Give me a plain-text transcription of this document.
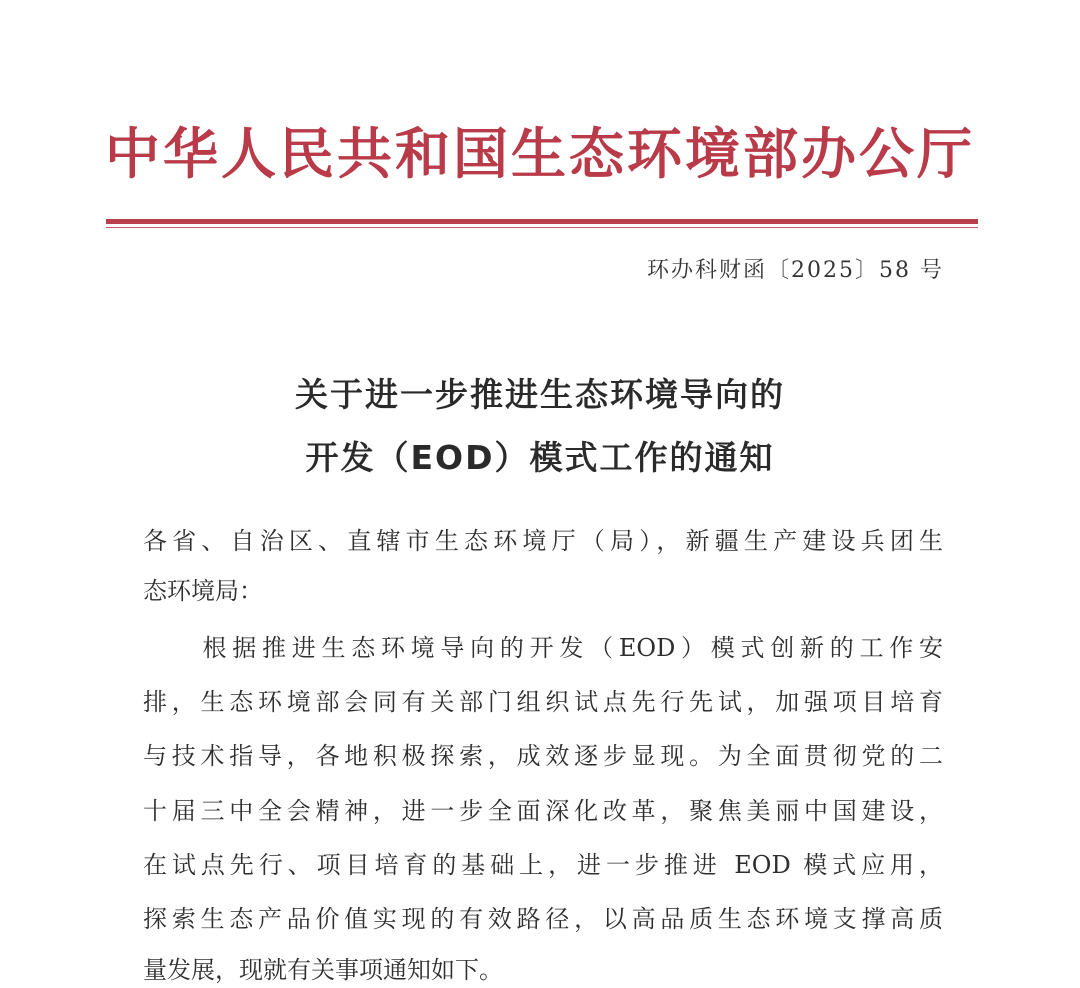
中华人民共和国生态环境部办公厅
环办科财函〔2025〕58 号
关于进一步推进生态环境导向的
开发（EOD）模式工作的通知
各省、自治区、直辖市生态环境厅（局），新疆生产建设兵团生
态环境局：
　　根据推进生态环境导向的开发（EOD）模式创新的工作安
排，生态环境部会同有关部门组织试点先行先试，加强项目培育
与技术指导，各地积极探索，成效逐步显现。为全面贯彻党的二
十届三中全会精神，进一步全面深化改革，聚焦美丽中国建设，
在试点先行、项目培育的基础上，进一步推进 EOD 模式应用，
探索生态产品价值实现的有效路径，以高品质生态环境支撑高质
量发展，现就有关事项通知如下。
